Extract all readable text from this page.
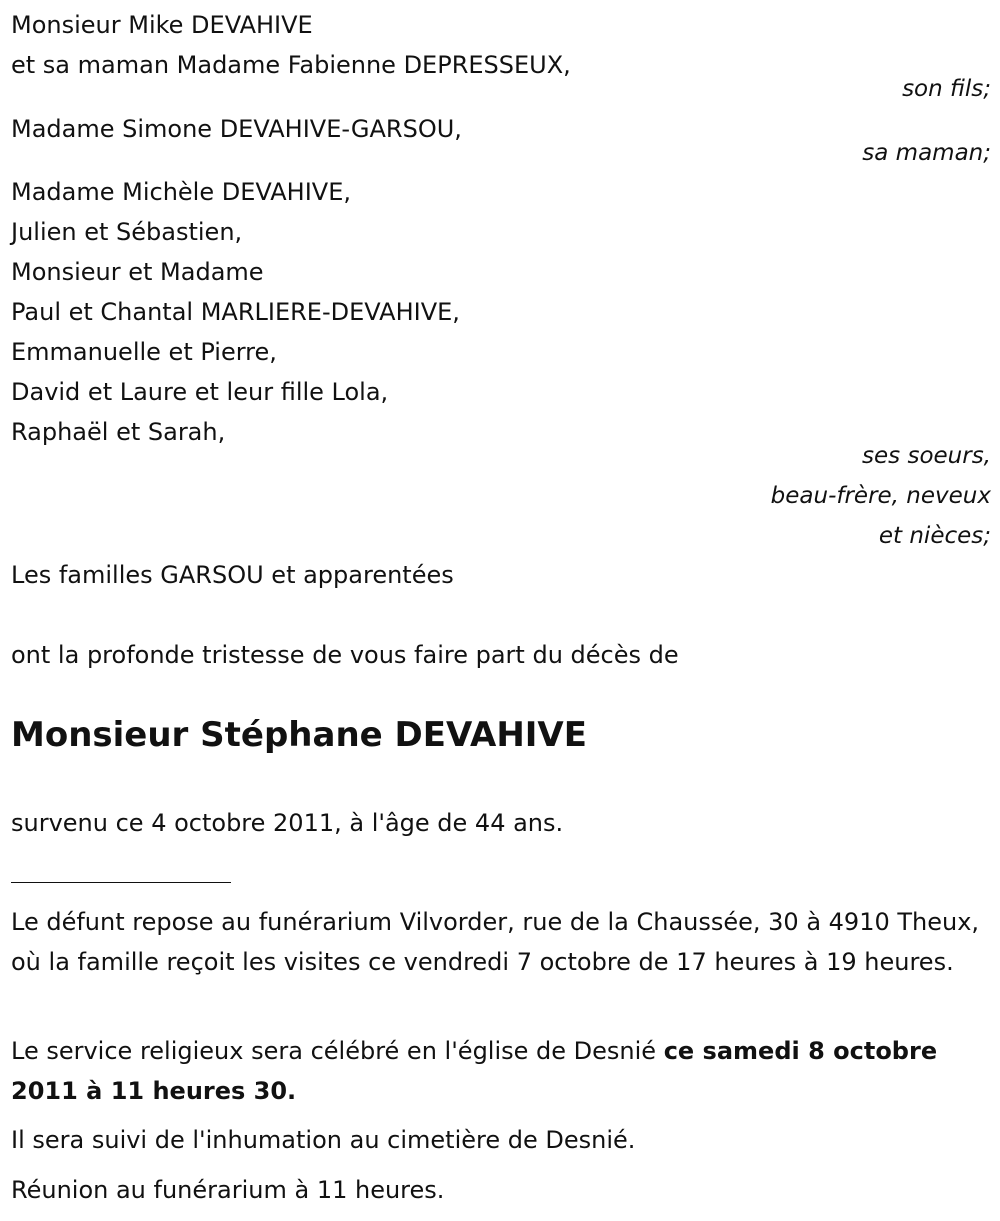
Monsieur Mike DEVAHIVE
et sa maman Madame Fabienne DEPRESSEUX,
son fils;
Madame Simone DEVAHIVE-GARSOU,
sa maman;
Madame Michèle DEVAHIVE,
Julien et Sébastien,
Monsieur et Madame
Paul et Chantal MARLIERE-DEVAHIVE,
Emmanuelle et Pierre,
David et Laure et leur fille Lola,
Raphaël et Sarah,
ses soeurs,
beau-frère, neveux
et nièces;
Les familles GARSOU et apparentées
ont la profonde tristesse de vous faire part du décès de
Monsieur Stéphane DEVAHIVE
survenu ce 4 octobre 2011, à l'âge de 44 ans.
Le défunt repose au funérarium Vilvorder, rue de la Chaussée, 30 à 4910 Theux, où la famille reçoit les visites ce vendredi 7 octobre de 17 heures à 19 heures.
Le service religieux sera célébré en l'église de Desnié ce samedi 8 octobre 2011 à 11 heures 30.
Il sera suivi de l'inhumation au cimetière de Desnié.
Réunion au funérarium à 11 heures.
